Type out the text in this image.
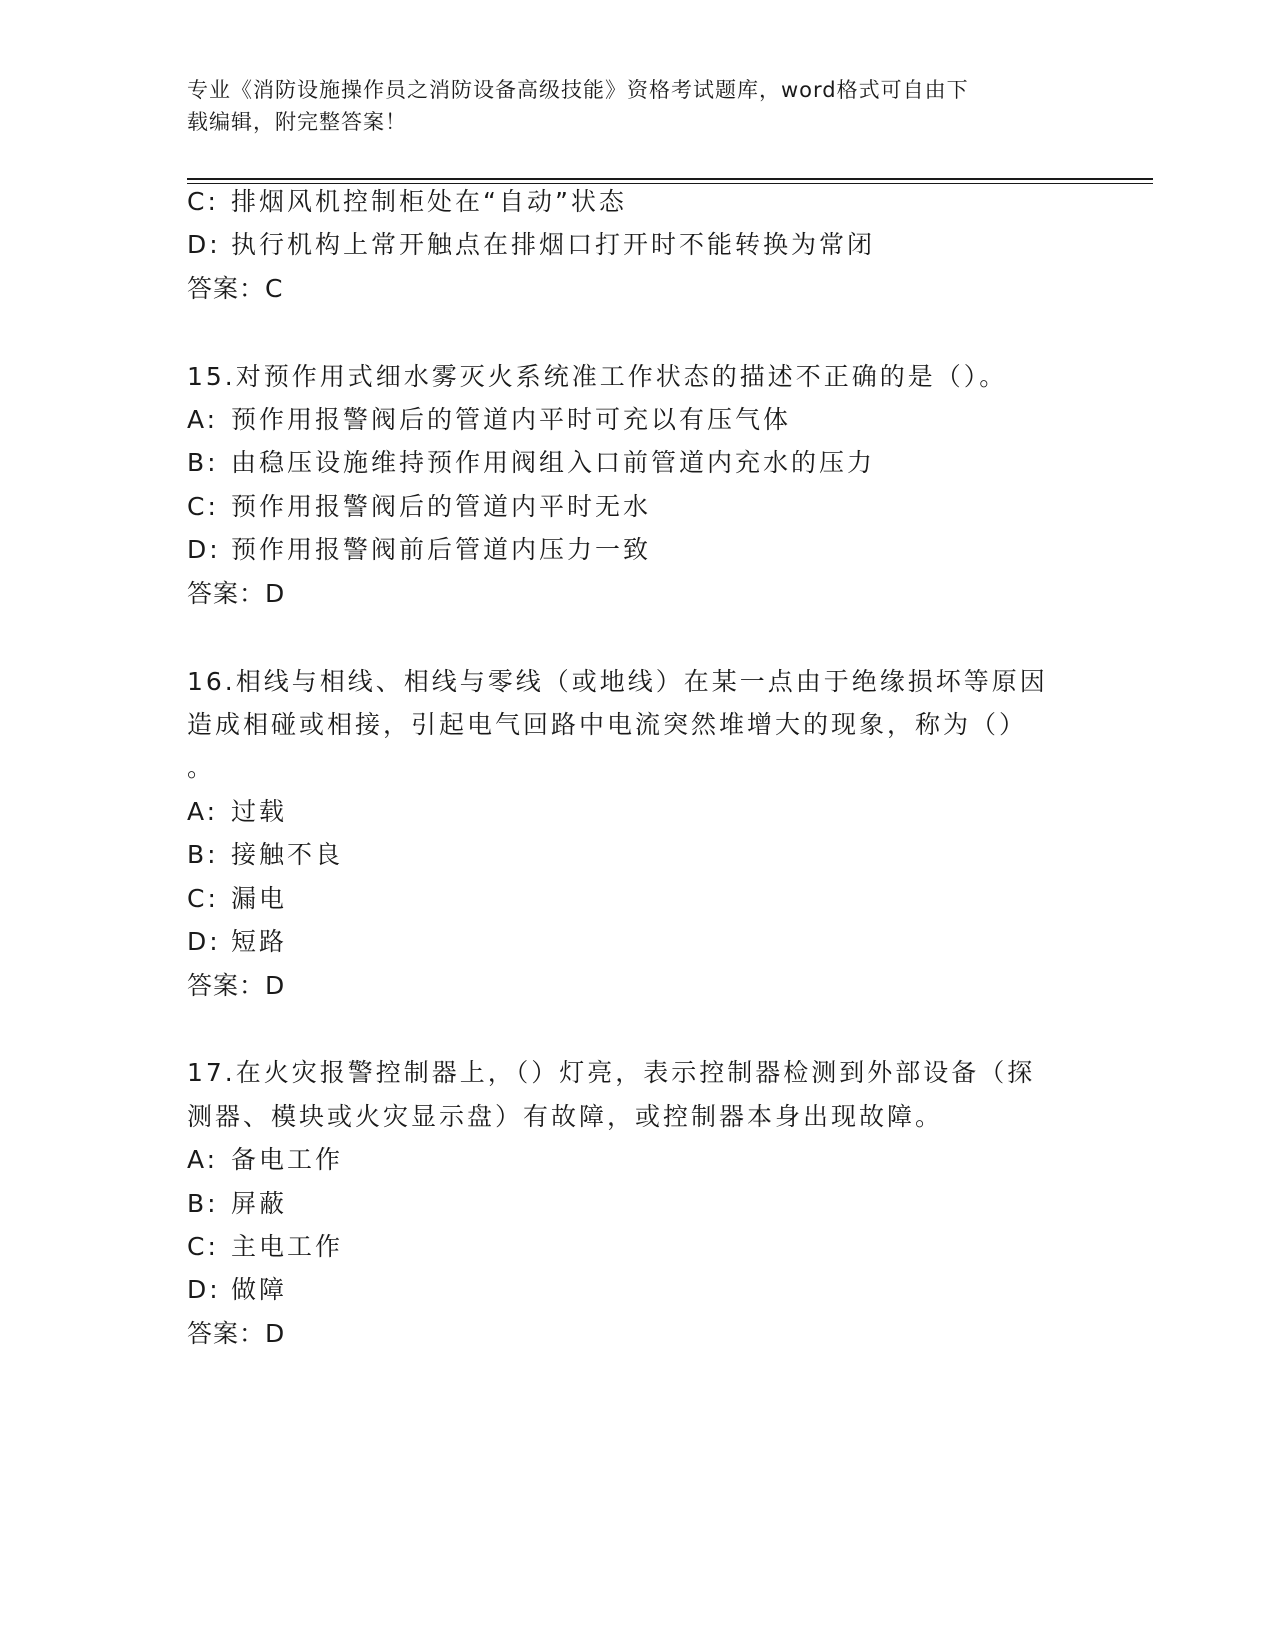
专业《消防设施操作员之消防设备高级技能》资格考试题库，word格式可自由下
载编辑，附完整答案！
C: 排烟风机控制柜处在“自动”状态
D: 执行机构上常开触点在排烟口打开时不能转换为常闭
答案：C
15.对预作用式细水雾灭火系统准工作状态的描述不正确的是（）。
A: 预作用报警阀后的管道内平时可充以有压气体
B: 由稳压设施维持预作用阀组入口前管道内充水的压力
C: 预作用报警阀后的管道内平时无水
D: 预作用报警阀前后管道内压力一致
答案：D
16.相线与相线、相线与零线（或地线）在某一点由于绝缘损坏等原因
造成相碰或相接，引起电气回路中电流突然堆增大的现象，称为（）
。
A: 过载
B: 接触不良
C: 漏电
D: 短路
答案：D
17.在火灾报警控制器上，（）灯亮，表示控制器检测到外部设备（探
测器、模块或火灾显示盘）有故障，或控制器本身出现故障。
A: 备电工作
B: 屏蔽
C: 主电工作
D: 做障
答案：D
